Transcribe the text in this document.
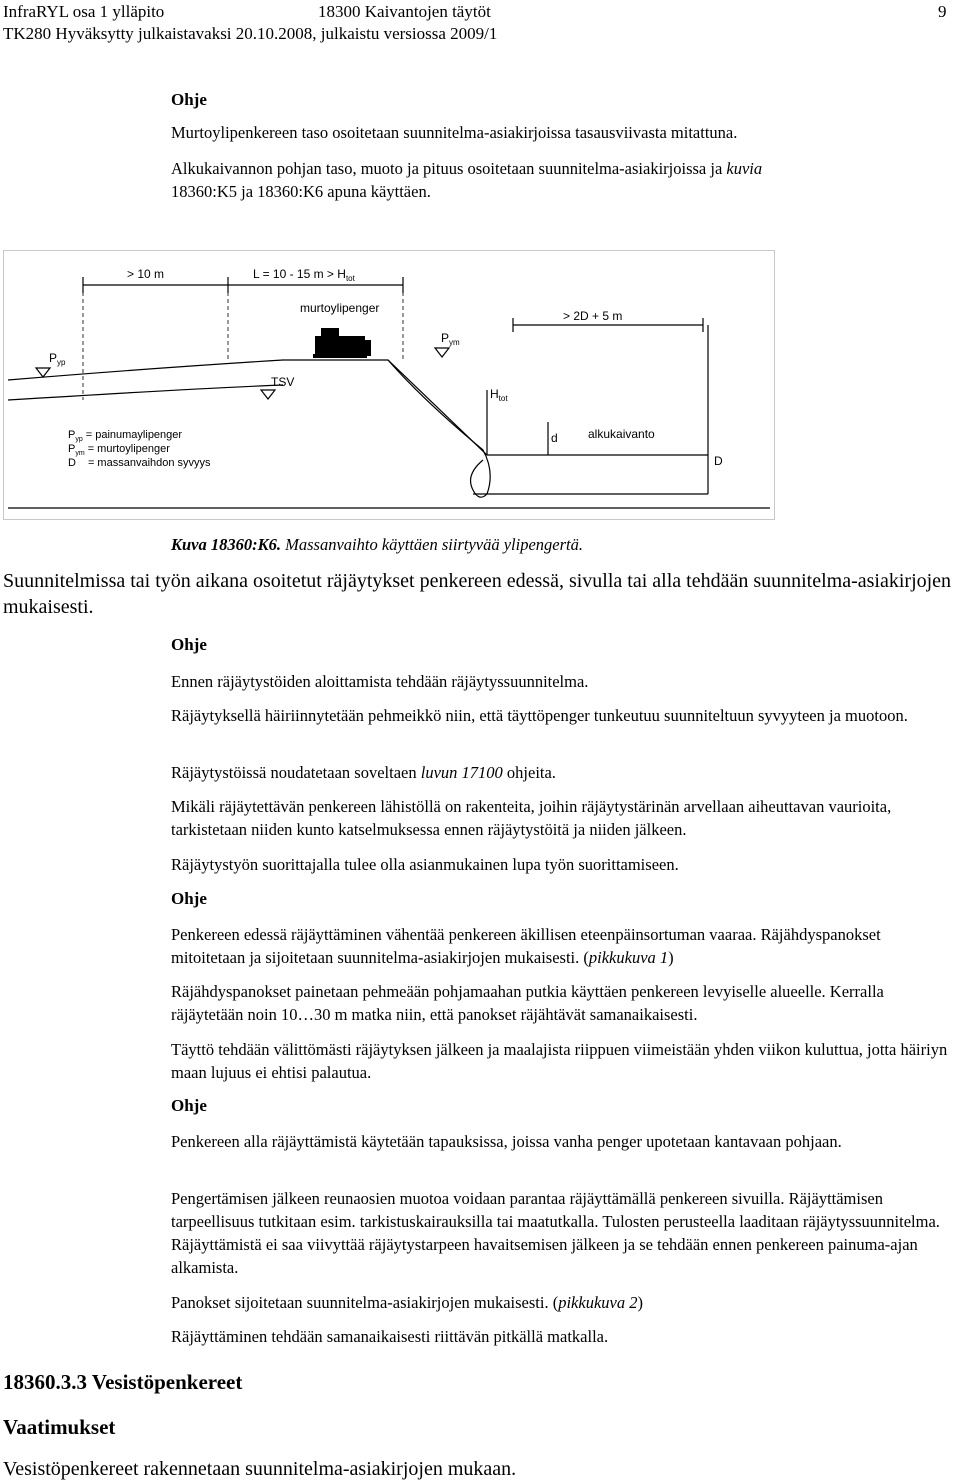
InfraRYL osa 1 ylläpito	18300 Kaivantojen täytöt	9
TK280 Hyväksytty julkaistavaksi 20.10.2008, julkaistu versiossa 2009/1
Ohje
Murtoylipenkereen taso osoitetaan suunnitelma-asiakirjoissa tasausviivasta mitattuna.
Alkukaivannon pohjan taso, muoto ja pituus osoitetaan suunnitelma-asiakirjoissa ja kuvia
18360:K5 ja 18360:K6 apuna käyttäen.
> 10 m	L = 10 - 15 $m > H_{tot}$
murtoylipenger
> 2D + 5 m
$P_{yp}$
$P_{ym}$
TSV
$H_{tot}$
d	alkukaivanto
D
$P_{yp}$ = painumaylipenger
$P_{ym}$ = murtoylipenger
D = massanvaihdon syvyys
Kuva 18360:K6. Massanvaihto käyttäen siirtyvää ylipengertä.
Suunnitelmissa tai työn aikana osoitetut räjäytykset penkereen edessä, sivulla tai alla tehdään suunnitelma-asiakirjojen mukaisesti.
Ohje
Ennen räjäytystöiden aloittamista tehdään räjäytyssuunnitelma.
Räjäytyksellä häiriinnytetään pehmeikkö niin, että täyttöpenger tunkeutuu suunniteltuun syvyyteen ja muotoon.
Räjäytystöissä noudatetaan soveltaen luvun 17100 ohjeita.
Mikäli räjäytettävän penkereen lähistöllä on rakenteita, joihin räjäytystärinän arvellaan aiheuttavan vaurioita, tarkistetaan niiden kunto katselmuksessa ennen räjäytystöitä ja niiden jälkeen.
Räjäytystyön suorittajalla tulee olla asianmukainen lupa työn suorittamiseen.
Ohje
Penkereen edessä räjäyttäminen vähentää penkereen äkillisen eteenpäinsortuman vaaraa. Räjähdyspanokset mitoitetaan ja sijoitetaan suunnitelma-asiakirjojen mukaisesti. (pikkukuva 1)
Räjähdyspanokset painetaan pehmeään pohjamaahan putkia käyttäen penkereen levyiselle alueelle. Kerralla räjäytetään noin 10…30 m matka niin, että panokset räjähtävät samanaikaisesti.
Täyttö tehdään välittömästi räjäytyksen jälkeen ja maalajista riippuen viimeistään yhden viikon kuluttua, jotta häiriyn maan lujuus ei ehtisi palautua.
Ohje
Penkereen alla räjäyttämistä käytetään tapauksissa, joissa vanha penger upotetaan kantavaan pohjaan.
Pengertämisen jälkeen reunaosien muotoa voidaan parantaa räjäyttämällä penkereen sivuilla. Räjäyttämisen tarpeellisuus tutkitaan esim. tarkistuskairauksilla tai maatutkalla. Tulosten perusteella laaditaan räjäytyssuunnitelma. Räjäyttämistä ei saa viivyttää räjäytystarpeen havaitsemisen jälkeen ja se tehdään ennen penkereen painuma-ajan alkamista.
Panokset sijoitetaan suunnitelma-asiakirjojen mukaisesti. (pikkukuva 2)
Räjäyttäminen tehdään samanaikaisesti riittävän pitkällä matkalla.
18360.3.3 Vesistöpenkereet
Vaatimukset
Vesistöpenkereet rakennetaan suunnitelma-asiakirjojen mukaan.
